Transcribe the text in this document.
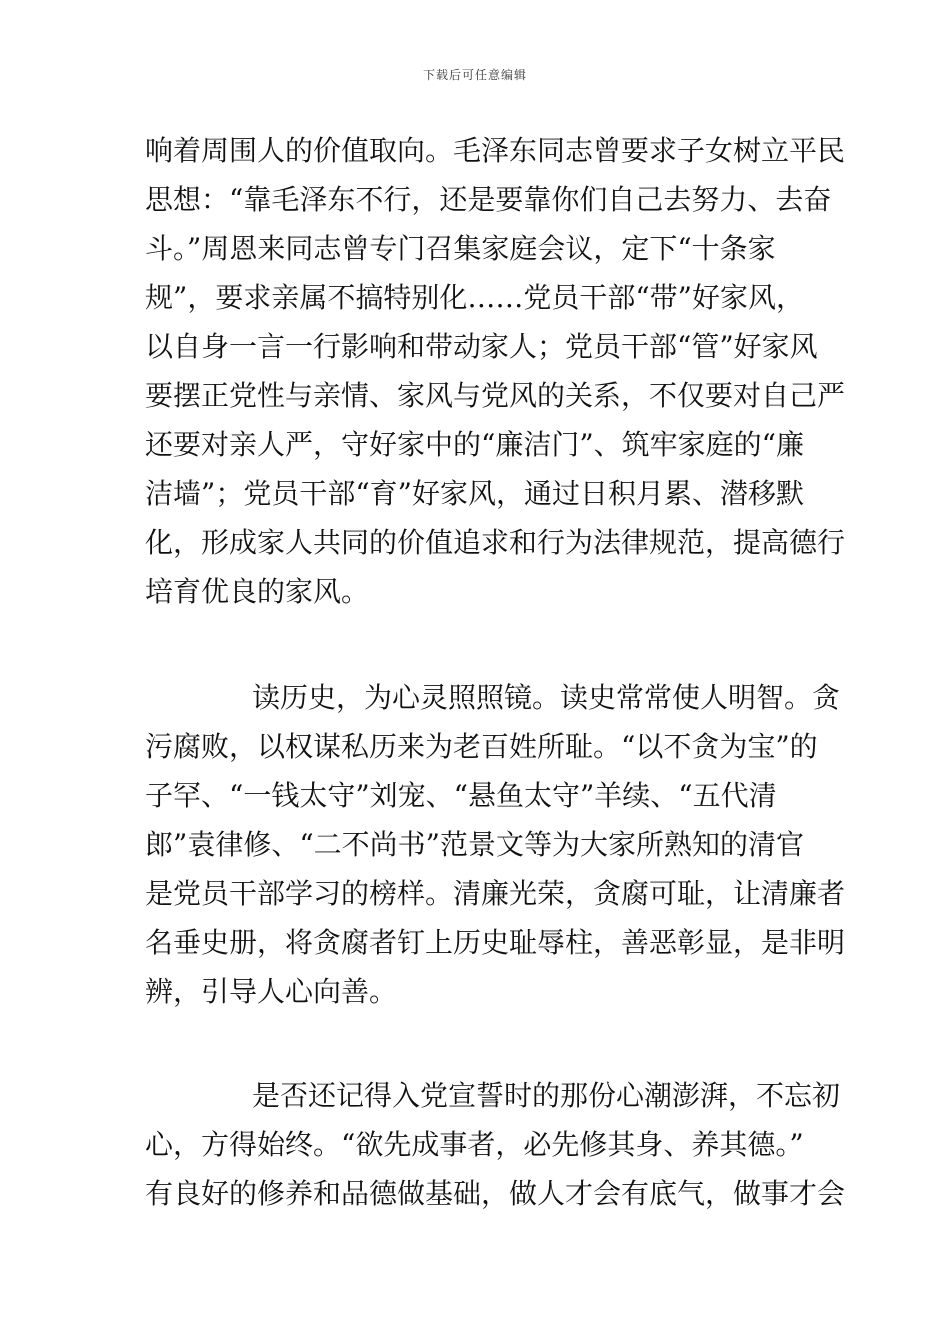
下载后可任意编辑
响着周围人的价值取向。毛泽东同志曾要求子女树立平民
思想：“靠毛泽东不行，还是要靠你们自己去努力、去奋
斗。”周恩来同志曾专门召集家庭会议，定下“十条家
规”，要求亲属不搞特别化……党员干部“带”好家风，
以自身一言一行影响和带动家人；党员干部“管”好家风
要摆正党性与亲情、家风与党风的关系，不仅要对自己严
还要对亲人严，守好家中的“廉洁门”、筑牢家庭的“廉
洁墙”；党员干部“育”好家风，通过日积月累、潜移默
化，形成家人共同的价值追求和行为法律规范，提高德行
培育优良的家风。
读历史，为心灵照照镜。读史常常使人明智。贪
污腐败，以权谋私历来为老百姓所耻。“以不贪为宝”的
子罕、“一钱太守”刘宠、“悬鱼太守”羊续、“五代清
郎”袁律修、“二不尚书”范景文等为大家所熟知的清官
是党员干部学习的榜样。清廉光荣，贪腐可耻，让清廉者
名垂史册，将贪腐者钉上历史耻辱柱，善恶彰显，是非明
辨，引导人心向善。
是否还记得入党宣誓时的那份心潮澎湃，不忘初
心，方得始终。“欲先成事者，必先修其身、养其德。”
有良好的修养和品德做基础，做人才会有底气，做事才会
